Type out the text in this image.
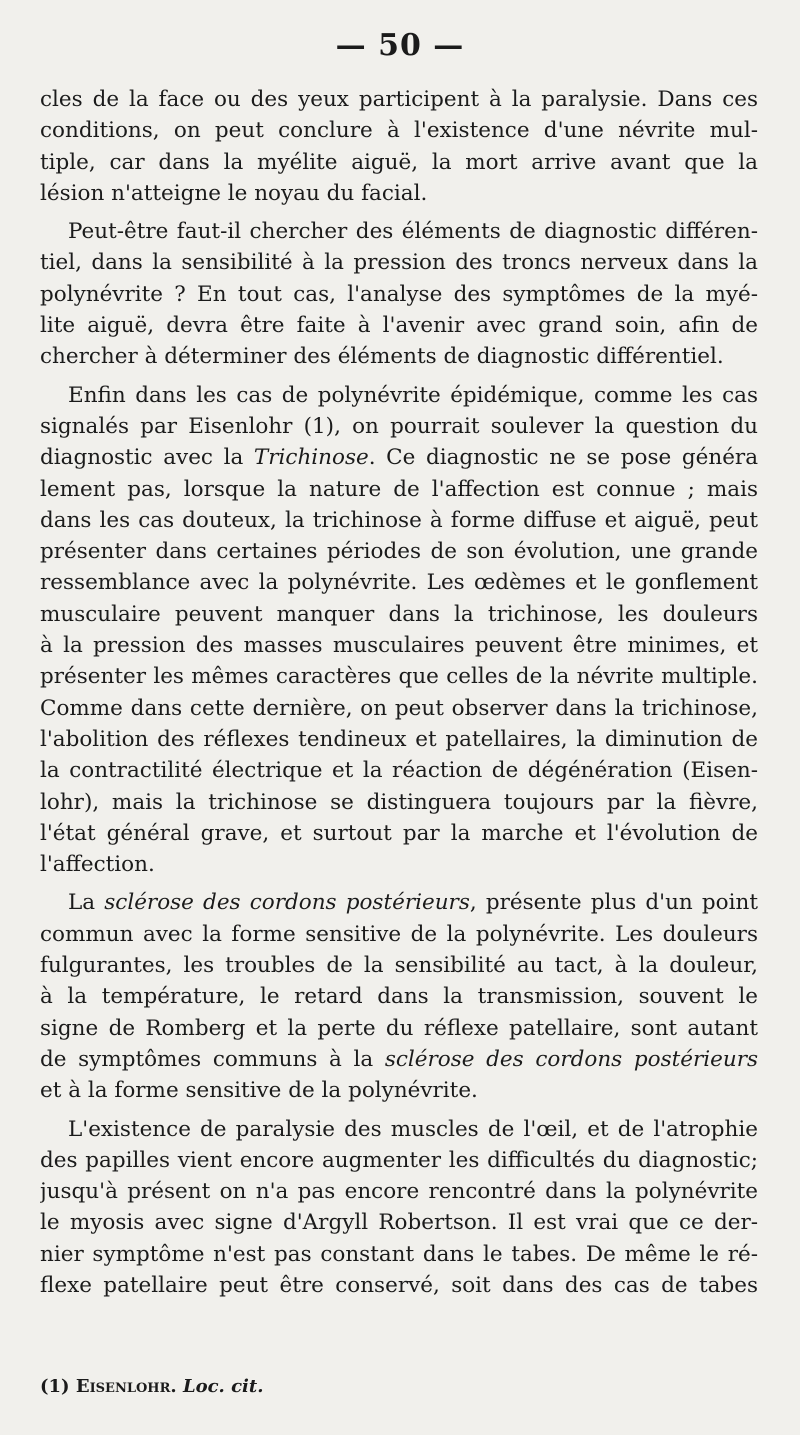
— 50 —
cles de la face ou des yeux participent à la paralysie. Dans ces
conditions, on peut conclure à l'existence d'une névrite mul-
tiple, car dans la myélite aiguë, la mort arrive avant que la
lésion n'atteigne le noyau du facial.
Peut-être faut-il chercher des éléments de diagnostic différen-
tiel, dans la sensibilité à la pression des troncs nerveux dans la
polynévrite ? En tout cas, l'analyse des symptômes de la myé-
lite aiguë, devra être faite à l'avenir avec grand soin, afin de
chercher à déterminer des éléments de diagnostic différentiel.
Enfin dans les cas de polynévrite épidémique, comme les cas
signalés par Eisenlohr (1), on pourrait soulever la question du
diagnostic avec la Trichinose. Ce diagnostic ne se pose généra
lement pas, lorsque la nature de l'affection est connue ; mais
dans les cas douteux, la trichinose à forme diffuse et aiguë, peut
présenter dans certaines périodes de son évolution, une grande
ressemblance avec la polynévrite. Les œdèmes et le gonflement
musculaire peuvent manquer dans la trichinose, les douleurs
à la pression des masses musculaires peuvent être minimes, et
présenter les mêmes caractères que celles de la névrite multiple.
Comme dans cette dernière, on peut observer dans la trichinose,
l'abolition des réflexes tendineux et patellaires, la diminution de
la contractilité électrique et la réaction de dégénération (Eisen-
lohr), mais la trichinose se distinguera toujours par la fièvre,
l'état général grave, et surtout par la marche et l'évolution de
l'affection.
La sclérose des cordons postérieurs, présente plus d'un point
commun avec la forme sensitive de la polynévrite. Les douleurs
fulgurantes, les troubles de la sensibilité au tact, à la douleur,
à la température, le retard dans la transmission, souvent le
signe de Romberg et la perte du réflexe patellaire, sont autant
de symptômes communs à la sclérose des cordons postérieurs
et à la forme sensitive de la polynévrite.
L'existence de paralysie des muscles de l'œil, et de l'atrophie
des papilles vient encore augmenter les difficultés du diagnostic;
jusqu'à présent on n'a pas encore rencontré dans la polynévrite
le myosis avec signe d'Argyll Robertson. Il est vrai que ce der-
nier symptôme n'est pas constant dans le tabes. De même le ré-
flexe patellaire peut être conservé, soit dans des cas de tabes
(1) Eisenlohr. Loc. cit.
